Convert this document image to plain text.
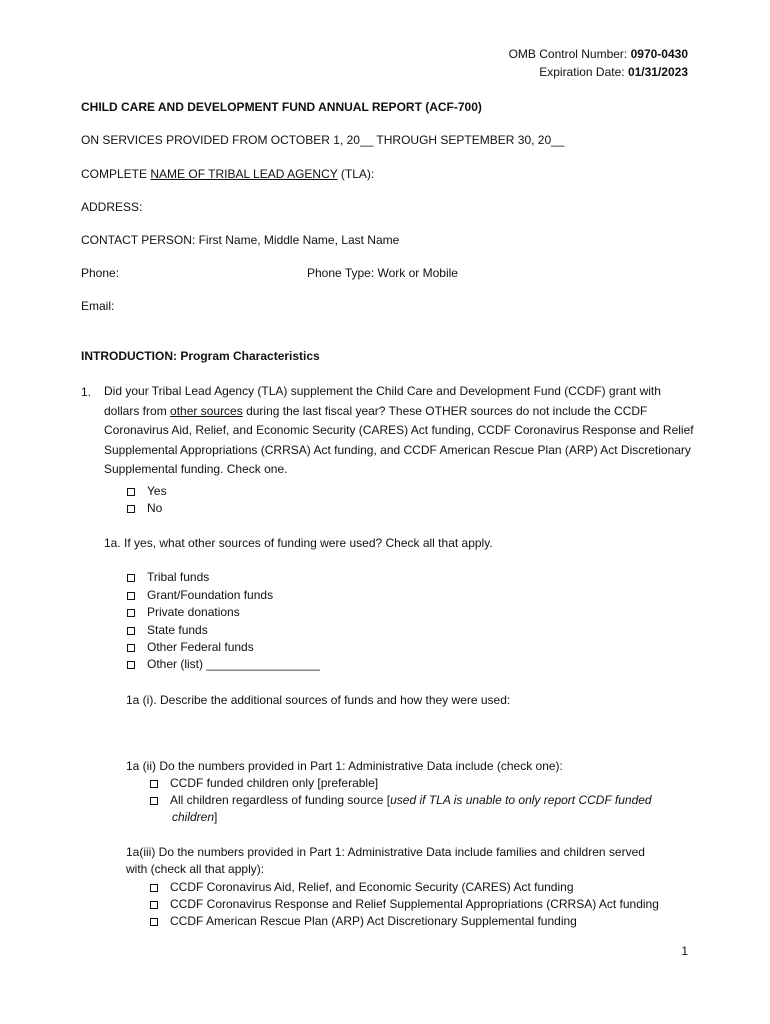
OMB Control Number: 0970-0430
Expiration Date: 01/31/2023
CHILD CARE AND DEVELOPMENT FUND ANNUAL REPORT (ACF-700)
ON SERVICES PROVIDED FROM OCTOBER 1, 20__ THROUGH SEPTEMBER 30, 20__
COMPLETE NAME OF TRIBAL LEAD AGENCY (TLA):
ADDRESS:
CONTACT PERSON: First Name, Middle Name, Last Name
Phone:	Phone Type: Work or Mobile
Email:
INTRODUCTION: Program Characteristics
1. Did your Tribal Lead Agency (TLA) supplement the Child Care and Development Fund (CCDF) grant with dollars from other sources during the last fiscal year? These OTHER sources do not include the CCDF Coronavirus Aid, Relief, and Economic Security (CARES) Act funding, CCDF Coronavirus Response and Relief Supplemental Appropriations (CRRSA) Act funding, and CCDF American Rescue Plan (ARP) Act Discretionary Supplemental funding. Check one.
Yes
No
1a. If yes, what other sources of funding were used? Check all that apply.
Tribal funds
Grant/Foundation funds
Private donations
State funds
Other Federal funds
Other (list) _________________
1a (i). Describe the additional sources of funds and how they were used:
1a (ii) Do the numbers provided in Part 1: Administrative Data include (check one):
CCDF funded children only [preferable]
All children regardless of funding source [used if TLA is unable to only report CCDF funded
children]
1a(iii) Do the numbers provided in Part 1: Administrative Data include families and children served
with (check all that apply):
CCDF Coronavirus Aid, Relief, and Economic Security (CARES) Act funding
CCDF Coronavirus Response and Relief Supplemental Appropriations (CRRSA) Act funding
CCDF American Rescue Plan (ARP) Act Discretionary Supplemental funding
1
